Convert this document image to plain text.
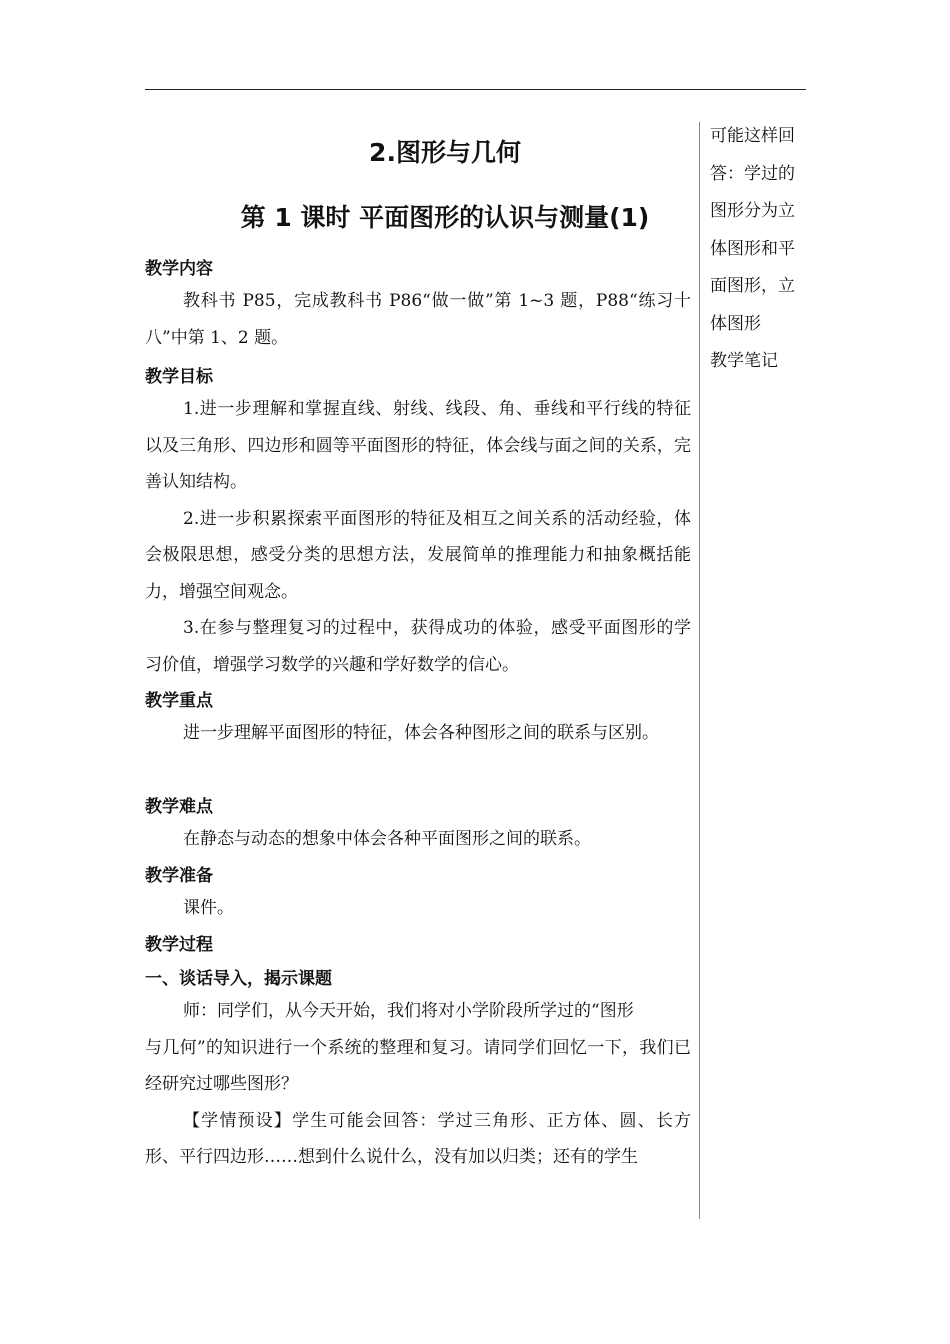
2.图形与几何
第 1 课时 平面图形的认识与测量(1)

教学内容

教科书 P85，完成教科书 P86“做一做”第 1~3 题，P88“练习十八”中第 1、2 题。

教学目标

1.进一步理解和掌握直线、射线、线段、角、垂线和平行线的特征以及三角形、四边形和圆等平面图形的特征，体会线与面之间的关系，完善认知结构。

2.进一步积累探索平面图形的特征及相互之间关系的活动经验，体会极限思想，感受分类的思想方法，发展简单的推理能力和抽象概括能力，增强空间观念。

3.在参与整理复习的过程中，获得成功的体验，感受平面图形的学习价值，增强学习数学的兴趣和学好数学的信心。

教学重点

进一步理解平面图形的特征，体会各种图形之间的联系与区别。

教学难点

在静态与动态的想象中体会各种平面图形之间的联系。

教学准备

课件。

教学过程

一、谈话导入，揭示课题

师：同学们，从今天开始，我们将对小学阶段所学过的“图形

与几何”的知识进行一个系统的整理和复习。请同学们回忆一下，我们已经研究过哪些图形？

【学情预设】学生可能会回答：学过三角形、正方体、圆、长方形、平行四边形……想到什么说什么，没有加以归类；还有的学生

可能这样回答：学过的图形分为立体图形和平面图形，立体图形

教学笔记
